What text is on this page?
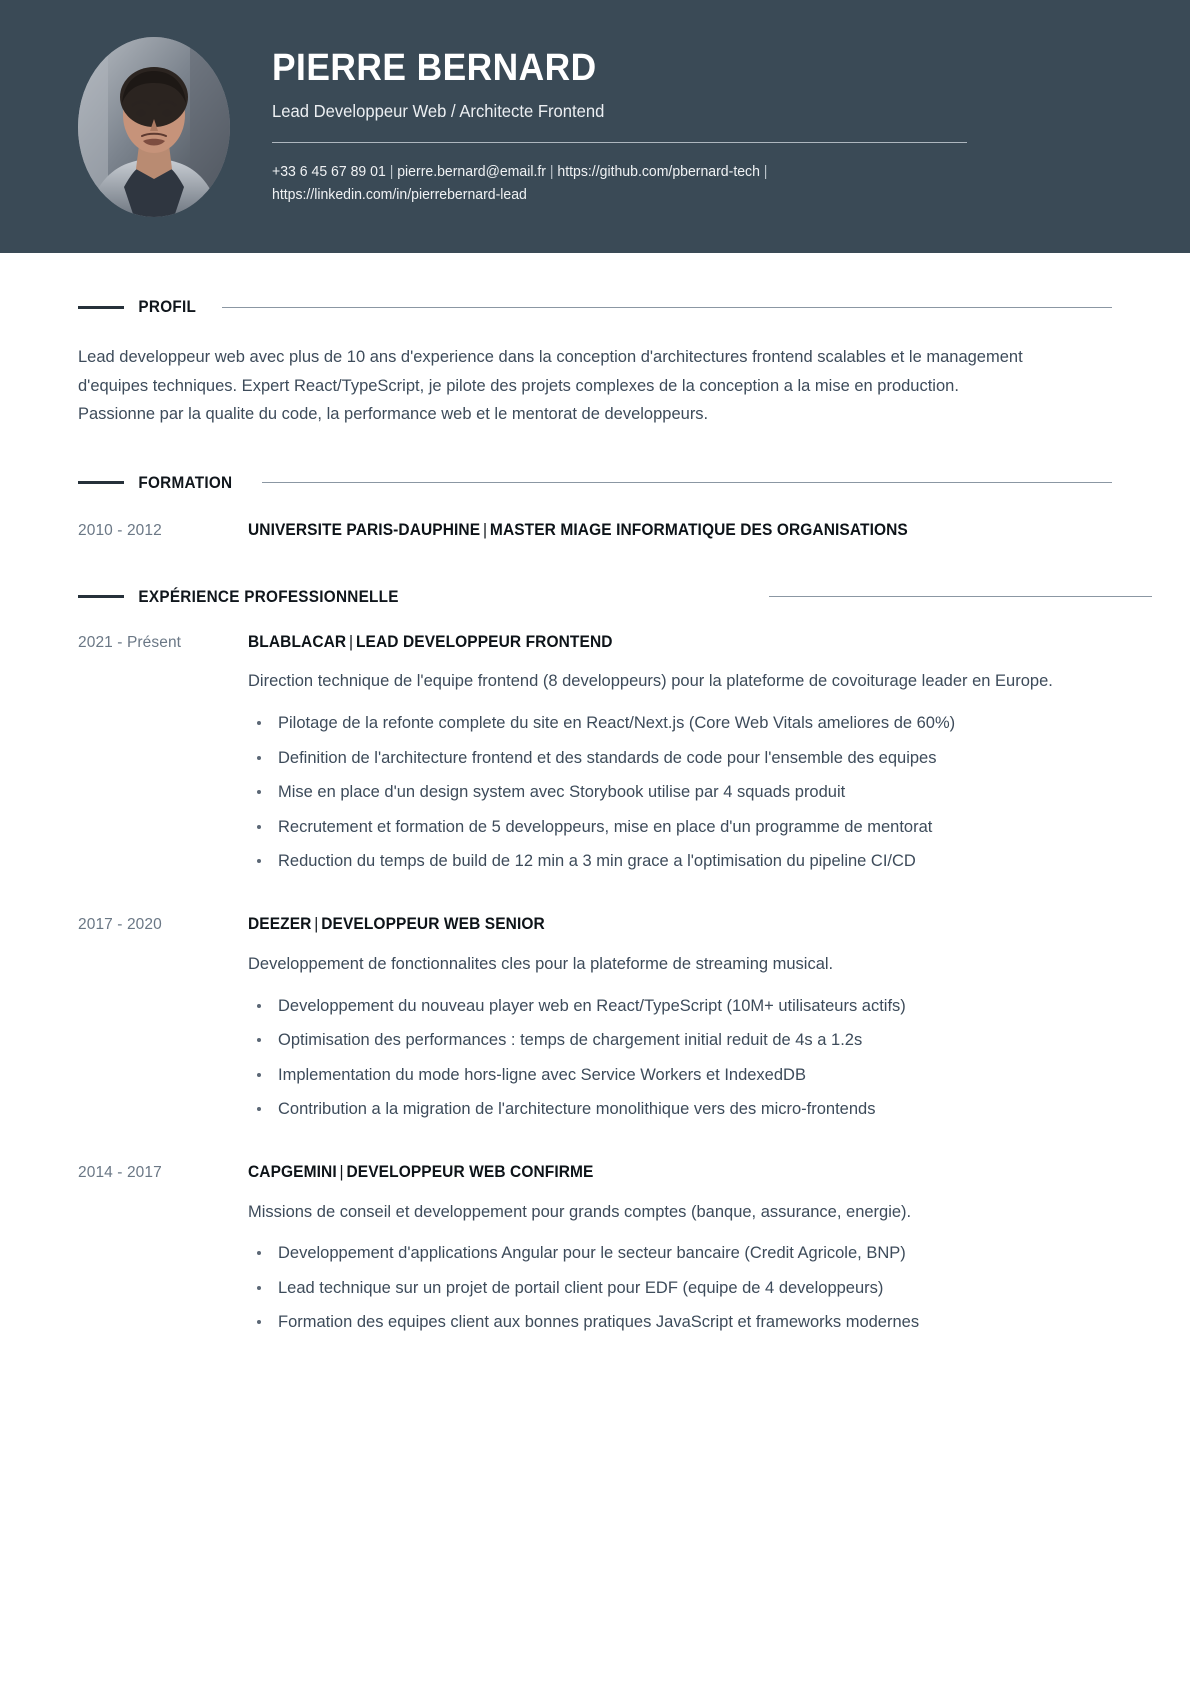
PIERRE BERNARD
Lead Developpeur Web / Architecte Frontend
+33 6 45 67 89 01 | pierre.bernard@email.fr | https://github.com/pbernard-tech | https://linkedin.com/in/pierrebernard-lead
PROFIL

Lead developpeur web avec plus de 10 ans d'experience dans la conception d'architectures frontend scalables et le management d'equipes techniques. Expert React/TypeScript, je pilote des projets complexes de la conception a la mise en production. Passionne par la qualite du code, la performance web et le mentorat de developpeurs.

FORMATION
2010 - 2012	UNIVERSITE PARIS-DAUPHINE | MASTER MIAGE INFORMATIQUE DES ORGANISATIONS
EXPÉRIENCE PROFESSIONNELLE
2021 - Présent	BLABLACAR | LEAD DEVELOPPEUR FRONTEND
Direction technique de l'equipe frontend (8 developpeurs) pour la plateforme de covoiturage leader en Europe.
Pilotage de la refonte complete du site en React/Next.js (Core Web Vitals ameliores de 60%)
Definition de l'architecture frontend et des standards de code pour l'ensemble des equipes
Mise en place d'un design system avec Storybook utilise par 4 squads produit
Recrutement et formation de 5 developpeurs, mise en place d'un programme de mentorat
Reduction du temps de build de 12 min a 3 min grace a l'optimisation du pipeline CI/CD
2017 - 2020	DEEZER | DEVELOPPEUR WEB SENIOR
Developpement de fonctionnalites cles pour la plateforme de streaming musical.
Developpement du nouveau player web en React/TypeScript (10M+ utilisateurs actifs)
Optimisation des performances : temps de chargement initial reduit de 4s a 1.2s
Implementation du mode hors-ligne avec Service Workers et IndexedDB
Contribution a la migration de l'architecture monolithique vers des micro-frontends
2014 - 2017	CAPGEMINI | DEVELOPPEUR WEB CONFIRME
Missions de conseil et developpement pour grands comptes (banque, assurance, energie).
Developpement d'applications Angular pour le secteur bancaire (Credit Agricole, BNP)
Lead technique sur un projet de portail client pour EDF (equipe de 4 developpeurs)
Formation des equipes client aux bonnes pratiques JavaScript et frameworks modernes
